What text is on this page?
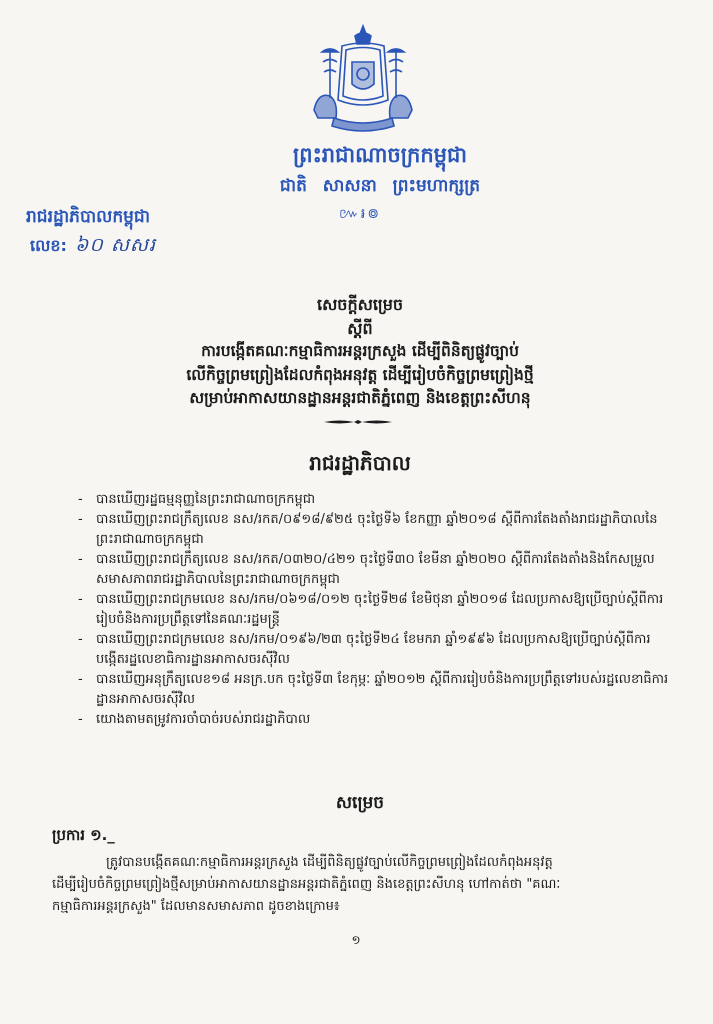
ព្រះរាជាណាចក្រកម្ពុជា
ជាតិ សាសនា ព្រះមហាក្សត្រ
៚៛៙
រាជរដ្ឋាភិបាលកម្ពុជា
លេខ: ៦០ សសរ
សេចក្ដីសម្រេច
ស្ដីពី
ការបង្កើតគណៈកម្មាធិការអន្តរក្រសួង ដើម្បីពិនិត្យផ្លូវច្បាប់
លើកិច្ចព្រមព្រៀងដែលកំពុងអនុវត្ត ដើម្បីរៀបចំកិច្ចព្រមព្រៀងថ្មី
សម្រាប់អាកាសយានដ្ឋានអន្តរជាតិភ្នំពេញ និងខេត្តព្រះសីហនុ
រាជរដ្ឋាភិបាល
- បានឃើញរដ្ឋធម្មនុញ្ញនៃព្រះរាជាណាចក្រកម្ពុជា
- បានឃើញព្រះរាជក្រឹត្យលេខ នស/រកត/០៩១៨/៩២៥ ចុះថ្ងៃទី៦ ខែកញ្ញា ឆ្នាំ២០១៨ ស្ដីពីការតែងតាំងរាជរដ្ឋាភិបាលនៃព្រះរាជាណាចក្រកម្ពុជា
- បានឃើញព្រះរាជក្រឹត្យលេខ នស/រកត/០៣២០/៤២១ ចុះថ្ងៃទី៣០ ខែមីនា ឆ្នាំ២០២០ ស្ដីពីការតែងតាំងនិងកែសម្រួលសមាសភាពរាជរដ្ឋាភិបាលនៃព្រះរាជាណាចក្រកម្ពុជា
- បានឃើញព្រះរាជក្រមលេខ នស/រកម/០៦១៨/០១២ ចុះថ្ងៃទី២៨ ខែមិថុនា ឆ្នាំ២០១៨ ដែលប្រកាសឱ្យប្រើច្បាប់ស្ដីពីការរៀបចំនិងការប្រព្រឹត្តទៅនៃគណៈរដ្ឋមន្ត្រី
- បានឃើញព្រះរាជក្រមលេខ នស/រកម/០១៩៦/២៣ ចុះថ្ងៃទី២៤ ខែមករា ឆ្នាំ១៩៩៦ ដែលប្រកាសឱ្យប្រើច្បាប់ស្ដីពីការបង្កើតរដ្ឋលេខាធិការដ្ឋានអាកាសចរស៊ីវិល
- បានឃើញអនុក្រឹត្យលេខ១៨ អនក្រ.បក ចុះថ្ងៃទី៣ ខែកុម្ភៈ ឆ្នាំ២០១២ ស្ដីពីការរៀបចំនិងការប្រព្រឹត្តទៅរបស់រដ្ឋលេខាធិការដ្ឋានអាកាសចរស៊ីវិល
- យោងតាមតម្រូវការចាំបាច់របស់រាជរដ្ឋាភិបាល
សម្រេច
ប្រការ ១._
ត្រូវបានបង្កើតគណៈកម្មាធិការអន្តរក្រសួង ដើម្បីពិនិត្យផ្លូវច្បាប់លើកិច្ចព្រមព្រៀងដែលកំពុងអនុវត្ត
ដើម្បីរៀបចំកិច្ចព្រមព្រៀងថ្មីសម្រាប់អាកាសយានដ្ឋានអន្តរជាតិភ្នំពេញ និងខេត្តព្រះសីហនុ ហៅកាត់ថា "គណៈ
កម្មាធិការអន្តរក្រសួង" ដែលមានសមាសភាព ដូចខាងក្រោម៖
១
